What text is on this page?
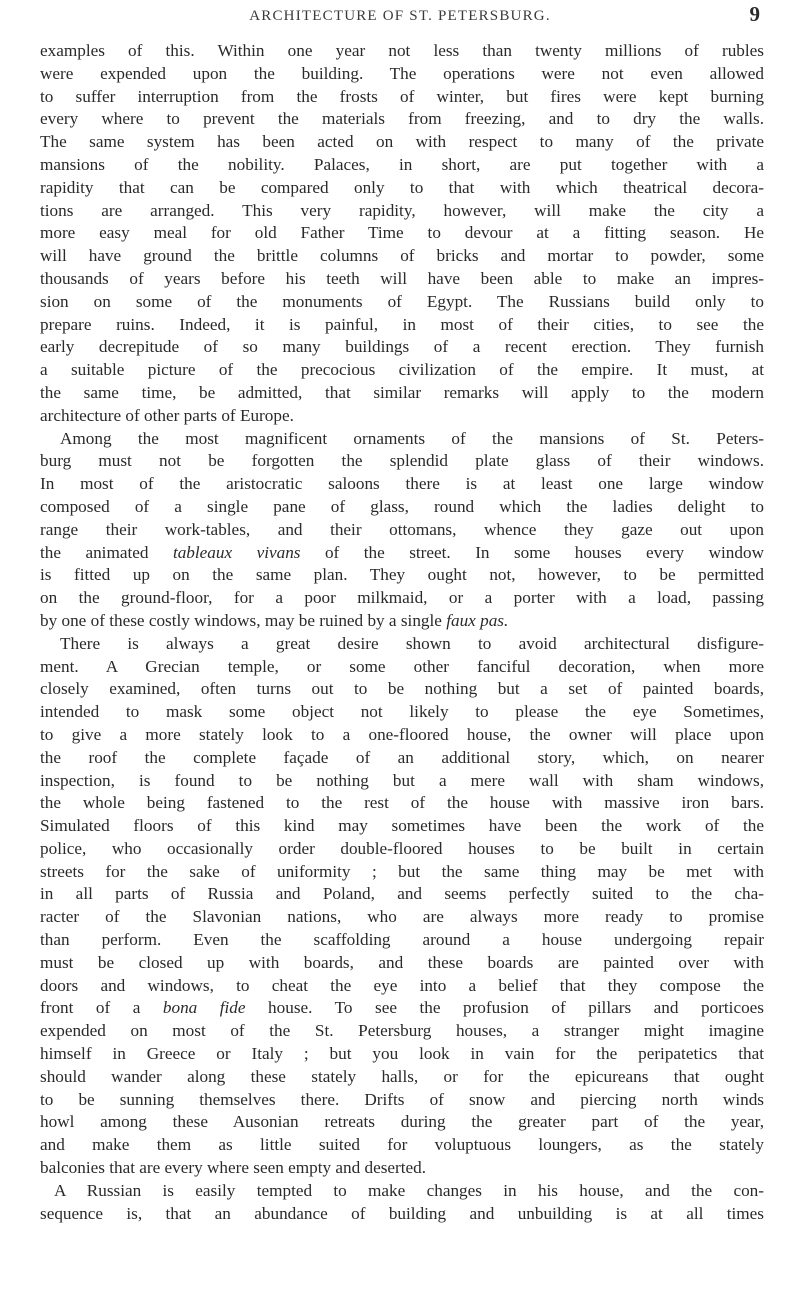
ARCHITECTURE OF ST. PETERSBURG.	9
examples of this. Within one year not less than twenty millions of rubles
were expended upon the building. The operations were not even allowed
to suffer interruption from the frosts of winter, but fires were kept burning
every where to prevent the materials from freezing, and to dry the walls.
The same system has been acted on with respect to many of the private
mansions of the nobility. Palaces, in short, are put together with a
rapidity that can be compared only to that with which theatrical decora-
tions are arranged. This very rapidity, however, will make the city a
more easy meal for old Father Time to devour at a fitting season. He
will have ground the brittle columns of bricks and mortar to powder, some
thousands of years before his teeth will have been able to make an impres-
sion on some of the monuments of Egypt. The Russians build only to
prepare ruins. Indeed, it is painful, in most of their cities, to see the
early decrepitude of so many buildings of a recent erection. They furnish
a suitable picture of the precocious civilization of the empire. It must, at
the same time, be admitted, that similar remarks will apply to the modern
architecture of other parts of Europe.
Among the most magnificent ornaments of the mansions of St. Peters-
burg must not be forgotten the splendid plate glass of their windows.
In most of the aristocratic saloons there is at least one large window
composed of a single pane of glass, round which the ladies delight to
range their work-tables, and their ottomans, whence they gaze out upon
the animated tableaux vivans of the street. In some houses every window
is fitted up on the same plan. They ought not, however, to be permitted
on the ground-floor, for a poor milkmaid, or a porter with a load, passing
by one of these costly windows, may be ruined by a single faux pas.
There is always a great desire shown to avoid architectural disfigure-
ment. A Grecian temple, or some other fanciful decoration, when more
closely examined, often turns out to be nothing but a set of painted boards,
intended to mask some object not likely to please the eye Sometimes,
to give a more stately look to a one-floored house, the owner will place upon
the roof the complete façade of an additional story, which, on nearer
inspection, is found to be nothing but a mere wall with sham windows,
the whole being fastened to the rest of the house with massive iron bars.
Simulated floors of this kind may sometimes have been the work of the
police, who occasionally order double-floored houses to be built in certain
streets for the sake of uniformity ; but the same thing may be met with
in all parts of Russia and Poland, and seems perfectly suited to the cha-
racter of the Slavonian nations, who are always more ready to promise
than perform. Even the scaffolding around a house undergoing repair
must be closed up with boards, and these boards are painted over with
doors and windows, to cheat the eye into a belief that they compose the
front of a bona fide house. To see the profusion of pillars and porticoes
expended on most of the St. Petersburg houses, a stranger might imagine
himself in Greece or Italy ; but you look in vain for the peripatetics that
should wander along these stately halls, or for the epicureans that ought
to be sunning themselves there. Drifts of snow and piercing north winds
howl among these Ausonian retreats during the greater part of the year,
and make them as little suited for voluptuous loungers, as the stately
balconies that are every where seen empty and deserted.
A Russian is easily tempted to make changes in his house, and the con-
sequence is, that an abundance of building and unbuilding is at all times
